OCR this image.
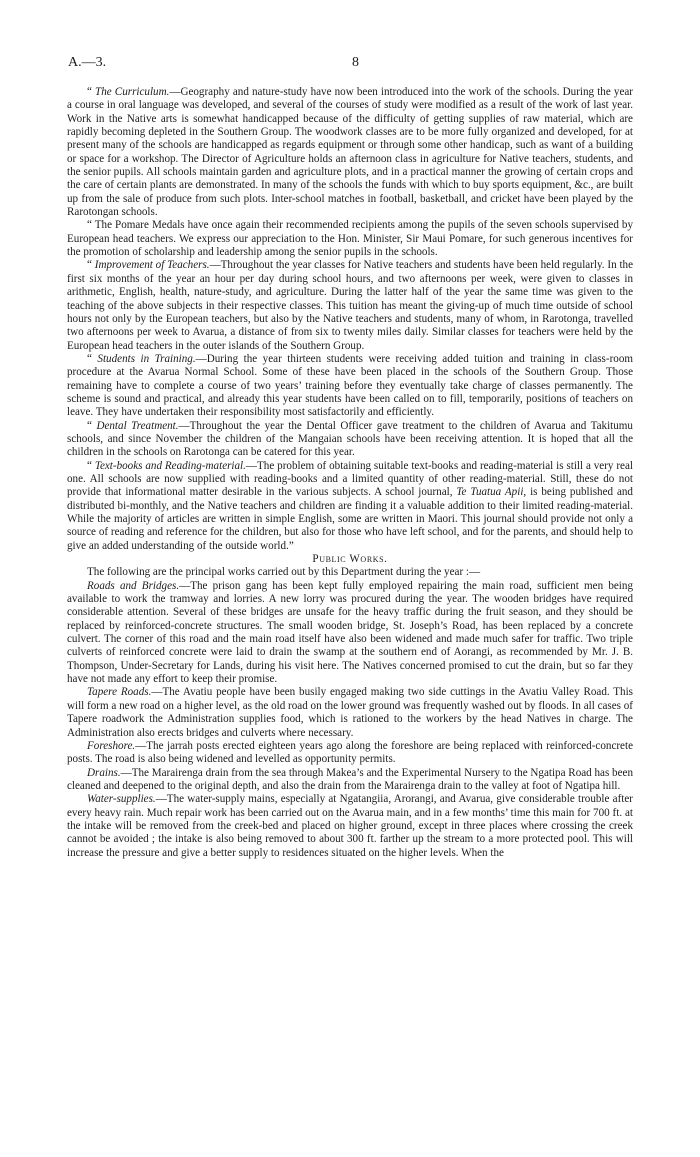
A.—3.	8

“ The Curriculum.—Geography and nature-study have now been introduced into the work of the schools. During the year a course in oral language was developed, and several of the courses of study were modified as a result of the work of last year. Work in the Native arts is somewhat handicapped because of the difficulty of getting supplies of raw material, which are rapidly becoming depleted in the Southern Group. The woodwork classes are to be more fully organized and developed, for at present many of the schools are handicapped as regards equipment or through some other handicap, such as want of a building or space for a workshop. The Director of Agriculture holds an afternoon class in agriculture for Native teachers, students, and the senior pupils. All schools maintain garden and agriculture plots, and in a practical manner the growing of certain crops and the care of certain plants are demonstrated. In many of the schools the funds with which to buy sports equipment, &c., are built up from the sale of produce from such plots. Inter-school matches in football, basketball, and cricket have been played by the Rarotongan schools.

“ The Pomare Medals have once again their recommended recipients among the pupils of the seven schools supervised by European head teachers. We express our appreciation to the Hon. Minister, Sir Maui Pomare, for such generous incentives for the promotion of scholarship and leadership among the senior pupils in the schools.

“ Improvement of Teachers.—Throughout the year classes for Native teachers and students have been held regularly. In the first six months of the year an hour per day during school hours, and two afternoons per week, were given to classes in arithmetic, English, health, nature-study, and agriculture. During the latter half of the year the same time was given to the teaching of the above subjects in their respective classes. This tuition has meant the giving-up of much time outside of school hours not only by the European teachers, but also by the Native teachers and students, many of whom, in Rarotonga, travelled two afternoons per week to Avarua, a distance of from six to twenty miles daily. Similar classes for teachers were held by the European head teachers in the outer islands of the Southern Group.

“ Students in Training.—During the year thirteen students were receiving added tuition and training in class-room procedure at the Avarua Normal School. Some of these have been placed in the schools of the Southern Group. Those remaining have to complete a course of two years’ training before they eventually take charge of classes permanently. The scheme is sound and practical, and already this year students have been called on to fill, temporarily, positions of teachers on leave. They have undertaken their responsibility most satisfactorily and efficiently.

“ Dental Treatment.—Throughout the year the Dental Officer gave treatment to the children of Avarua and Takitumu schools, and since November the children of the Mangaian schools have been receiving attention. It is hoped that all the children in the schools on Rarotonga can be catered for this year.

“ Text-books and Reading-material.—The problem of obtaining suitable text-books and reading-material is still a very real one. All schools are now supplied with reading-books and a limited quantity of other reading-material. Still, these do not provide that informational matter desirable in the various subjects. A school journal, Te Tuatua Apii, is being published and distributed bi-monthly, and the Native teachers and children are finding it a valuable addition to their limited reading-material. While the majority of articles are written in simple English, some are written in Maori. This journal should provide not only a source of reading and reference for the children, but also for those who have left school, and for the parents, and should help to give an added understanding of the outside world.”

Public Works.

The following are the principal works carried out by this Department during the year :—

Roads and Bridges.—The prison gang has been kept fully employed repairing the main road, sufficient men being available to work the tramway and lorries. A new lorry was procured during the year. The wooden bridges have required considerable attention. Several of these bridges are unsafe for the heavy traffic during the fruit season, and they should be replaced by reinforced-concrete structures. The small wooden bridge, St. Joseph’s Road, has been replaced by a concrete culvert. The corner of this road and the main road itself have also been widened and made much safer for traffic. Two triple culverts of reinforced concrete were laid to drain the swamp at the southern end of Aorangi, as recommended by Mr. J. B. Thompson, Under-Secretary for Lands, during his visit here. The Natives concerned promised to cut the drain, but so far they have not made any effort to keep their promise.

Tapere Roads.—The Avatiu people have been busily engaged making two side cuttings in the Avatiu Valley Road. This will form a new road on a higher level, as the old road on the lower ground was frequently washed out by floods. In all cases of Tapere roadwork the Administration supplies food, which is rationed to the workers by the head Natives in charge. The Administration also erects bridges and culverts where necessary.

Foreshore.—The jarrah posts erected eighteen years ago along the foreshore are being replaced with reinforced-concrete posts. The road is also being widened and levelled as opportunity permits.

Drains.—The Marairenga drain from the sea through Makea’s and the Experimental Nursery to the Ngatipa Road has been cleaned and deepened to the original depth, and also the drain from the Marairenga drain to the valley at foot of Ngatipa hill.

Water-supplies.—The water-supply mains, especially at Ngatangiia, Arorangi, and Avarua, give considerable trouble after every heavy rain. Much repair work has been carried out on the Avarua main, and in a few months’ time this main for 700 ft. at the intake will be removed from the creek-bed and placed on higher ground, except in three places where crossing the creek cannot be avoided ; the intake is also being removed to about 300 ft. farther up the stream to a more protected pool. This will increase the pressure and give a better supply to residences situated on the higher levels. When the
